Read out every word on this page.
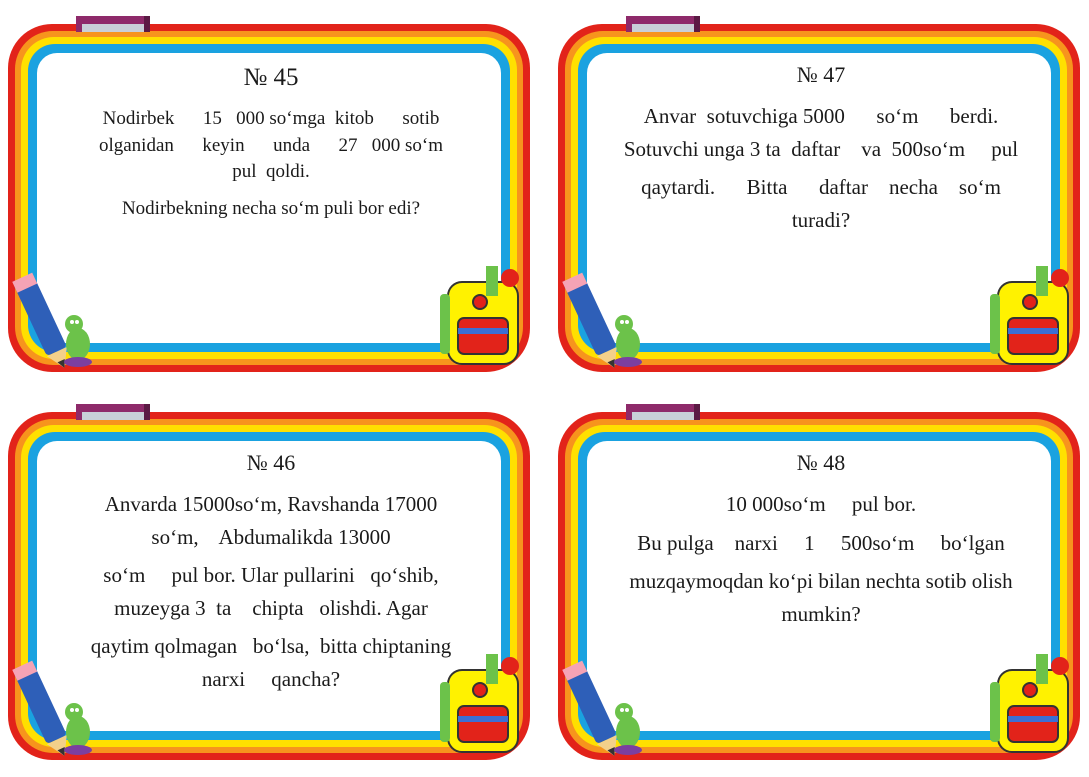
№ 45

Nodirbek      15   000 so‘mga  kitob      sotib

olganidan      keyin      unda      27   000 so‘m

pul  qoldi.

Nodirbekning necha so‘m puli bor edi?

№ 47

Anvar  sotuvchiga 5000      so‘m      berdi.

Sotuvchi unga 3 ta  daftar    va  500so‘m     pul

qaytardi.      Bitta      daftar    necha    so‘m

turadi?

№ 46

Anvarda 15000so‘m, Ravshanda 17000

so‘m,    Abdumalikda 13000

so‘m     pul bor. Ular pullarini   qo‘shib,

muzeyga 3  ta    chipta   olishdi. Agar

qaytim qolmagan   bo‘lsa,  bitta chiptaning

narxi     qancha?

№ 48

10 000so‘m     pul bor.

Bu pulga    narxi     1     500so‘m     bo‘lgan

muzqaymoqdan ko‘pi bilan nechta sotib olish

mumkin?
